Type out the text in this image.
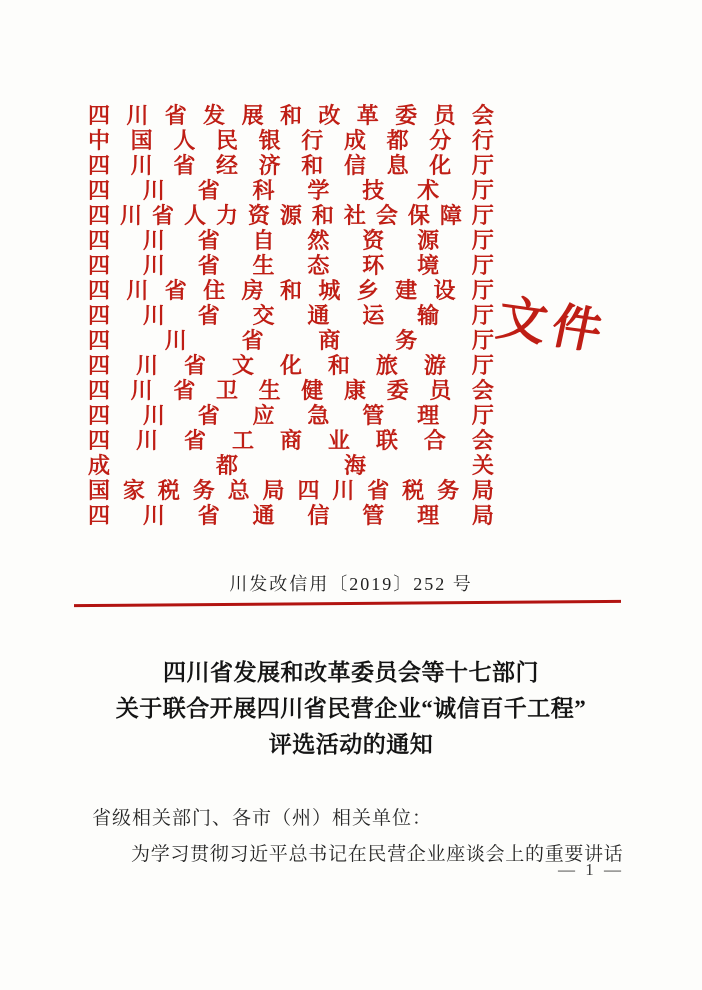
四 川 省 发 展 和 改 革 委 员 会
中 国 人 民 银 行 成 都 分 行
四 川 省 经 济 和 信 息 化 厅
四 川 省 科 学 技 术 厅
四 川 省 人 力 资 源 和 社 会 保 障 厅
四 川 省 自 然 资 源 厅
四 川 省 生 态 环 境 厅
四 川 省 住 房 和 城 乡 建 设 厅
四 川 省 交 通 运 输 厅
四 川 省 商 务 厅
四 川 省 文 化 和 旅 游 厅
四 川 省 卫 生 健 康 委 员 会
四 川 省 应 急 管 理 厅
四 川 省 工 商 业 联 合 会
成	都	海	关
国 家 税 务 总 局 四 川 省 税 务 局
四 川 省 通 信 管 理 局
文件
川发改信用〔2019〕252 号
四川省发展和改革委员会等十七部门
关于联合开展四川省民营企业“诚信百千工程”
评选活动的通知
省级相关部门、各市（州）相关单位：
为学习贯彻习近平总书记在民营企业座谈会上的重要讲话
— 1 —
